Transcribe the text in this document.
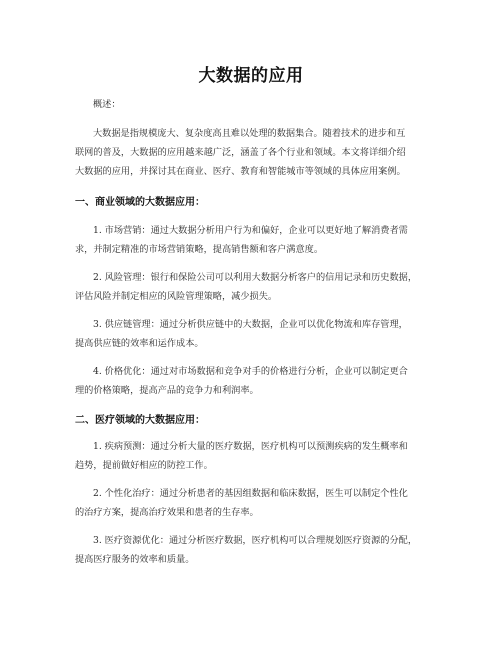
大数据的应用
概述：
大数据是指规模庞大、复杂度高且难以处理的数据集合。随着技术的进步和互
联网的普及，大数据的应用越来越广泛，涵盖了各个行业和领域。本文将详细介绍
大数据的应用，并探讨其在商业、医疗、教育和智能城市等领域的具体应用案例。
一、商业领域的大数据应用：
1. 市场营销：通过大数据分析用户行为和偏好，企业可以更好地了解消费者需
求，并制定精准的市场营销策略，提高销售额和客户满意度。
2. 风险管理：银行和保险公司可以利用大数据分析客户的信用记录和历史数据，
评估风险并制定相应的风险管理策略，减少损失。
3. 供应链管理：通过分析供应链中的大数据，企业可以优化物流和库存管理，
提高供应链的效率和运作成本。
4. 价格优化：通过对市场数据和竞争对手的价格进行分析，企业可以制定更合
理的价格策略，提高产品的竞争力和利润率。
二、医疗领域的大数据应用：
1. 疾病预测：通过分析大量的医疗数据，医疗机构可以预测疾病的发生概率和
趋势，提前做好相应的防控工作。
2. 个性化治疗：通过分析患者的基因组数据和临床数据，医生可以制定个性化
的治疗方案，提高治疗效果和患者的生存率。
3. 医疗资源优化：通过分析医疗数据，医疗机构可以合理规划医疗资源的分配，
提高医疗服务的效率和质量。
